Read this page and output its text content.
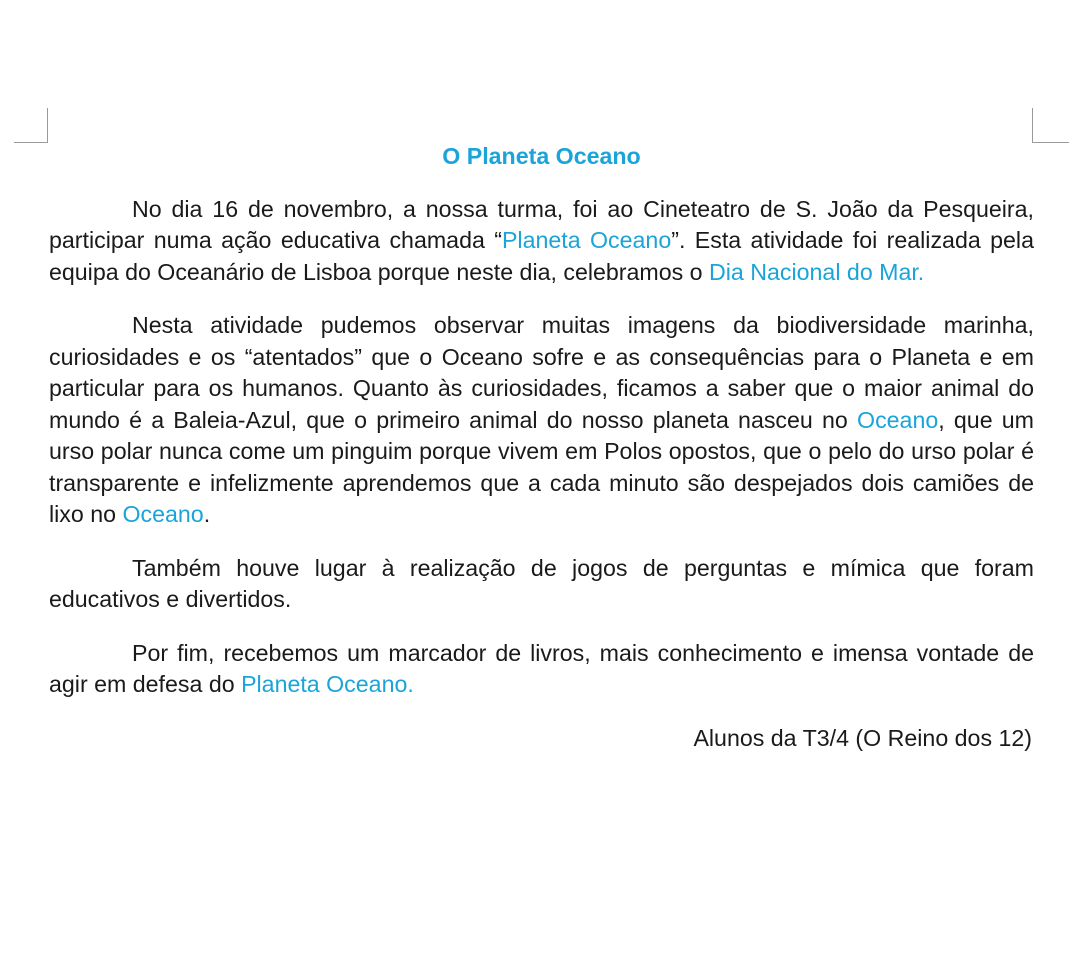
O Planeta Oceano

No dia 16 de novembro, a nossa turma, foi ao Cineteatro de S. João da Pesqueira, participar numa ação educativa chamada “Planeta Oceano”. Esta atividade foi realizada pela equipa do Oceanário de Lisboa porque neste dia, celebramos o Dia Nacional do Mar.

Nesta atividade pudemos observar muitas imagens da biodiversidade marinha, curiosidades e os “atentados” que o Oceano sofre e as consequências para o Planeta e em particular para os humanos. Quanto às curiosidades, ficamos a saber que o maior animal do mundo é a Baleia-Azul, que o primeiro animal do nosso planeta nasceu no Oceano, que um urso polar nunca come um pinguim porque vivem em Polos opostos, que o pelo do urso polar é transparente e infelizmente aprendemos que a cada minuto são despejados dois camiões de lixo no Oceano.

Também houve lugar à realização de jogos de perguntas e mímica que foram educativos e divertidos.

Por fim, recebemos um marcador de livros, mais conhecimento e imensa vontade de agir em defesa do Planeta Oceano.

Alunos da T3/4 (O Reino dos 12)
